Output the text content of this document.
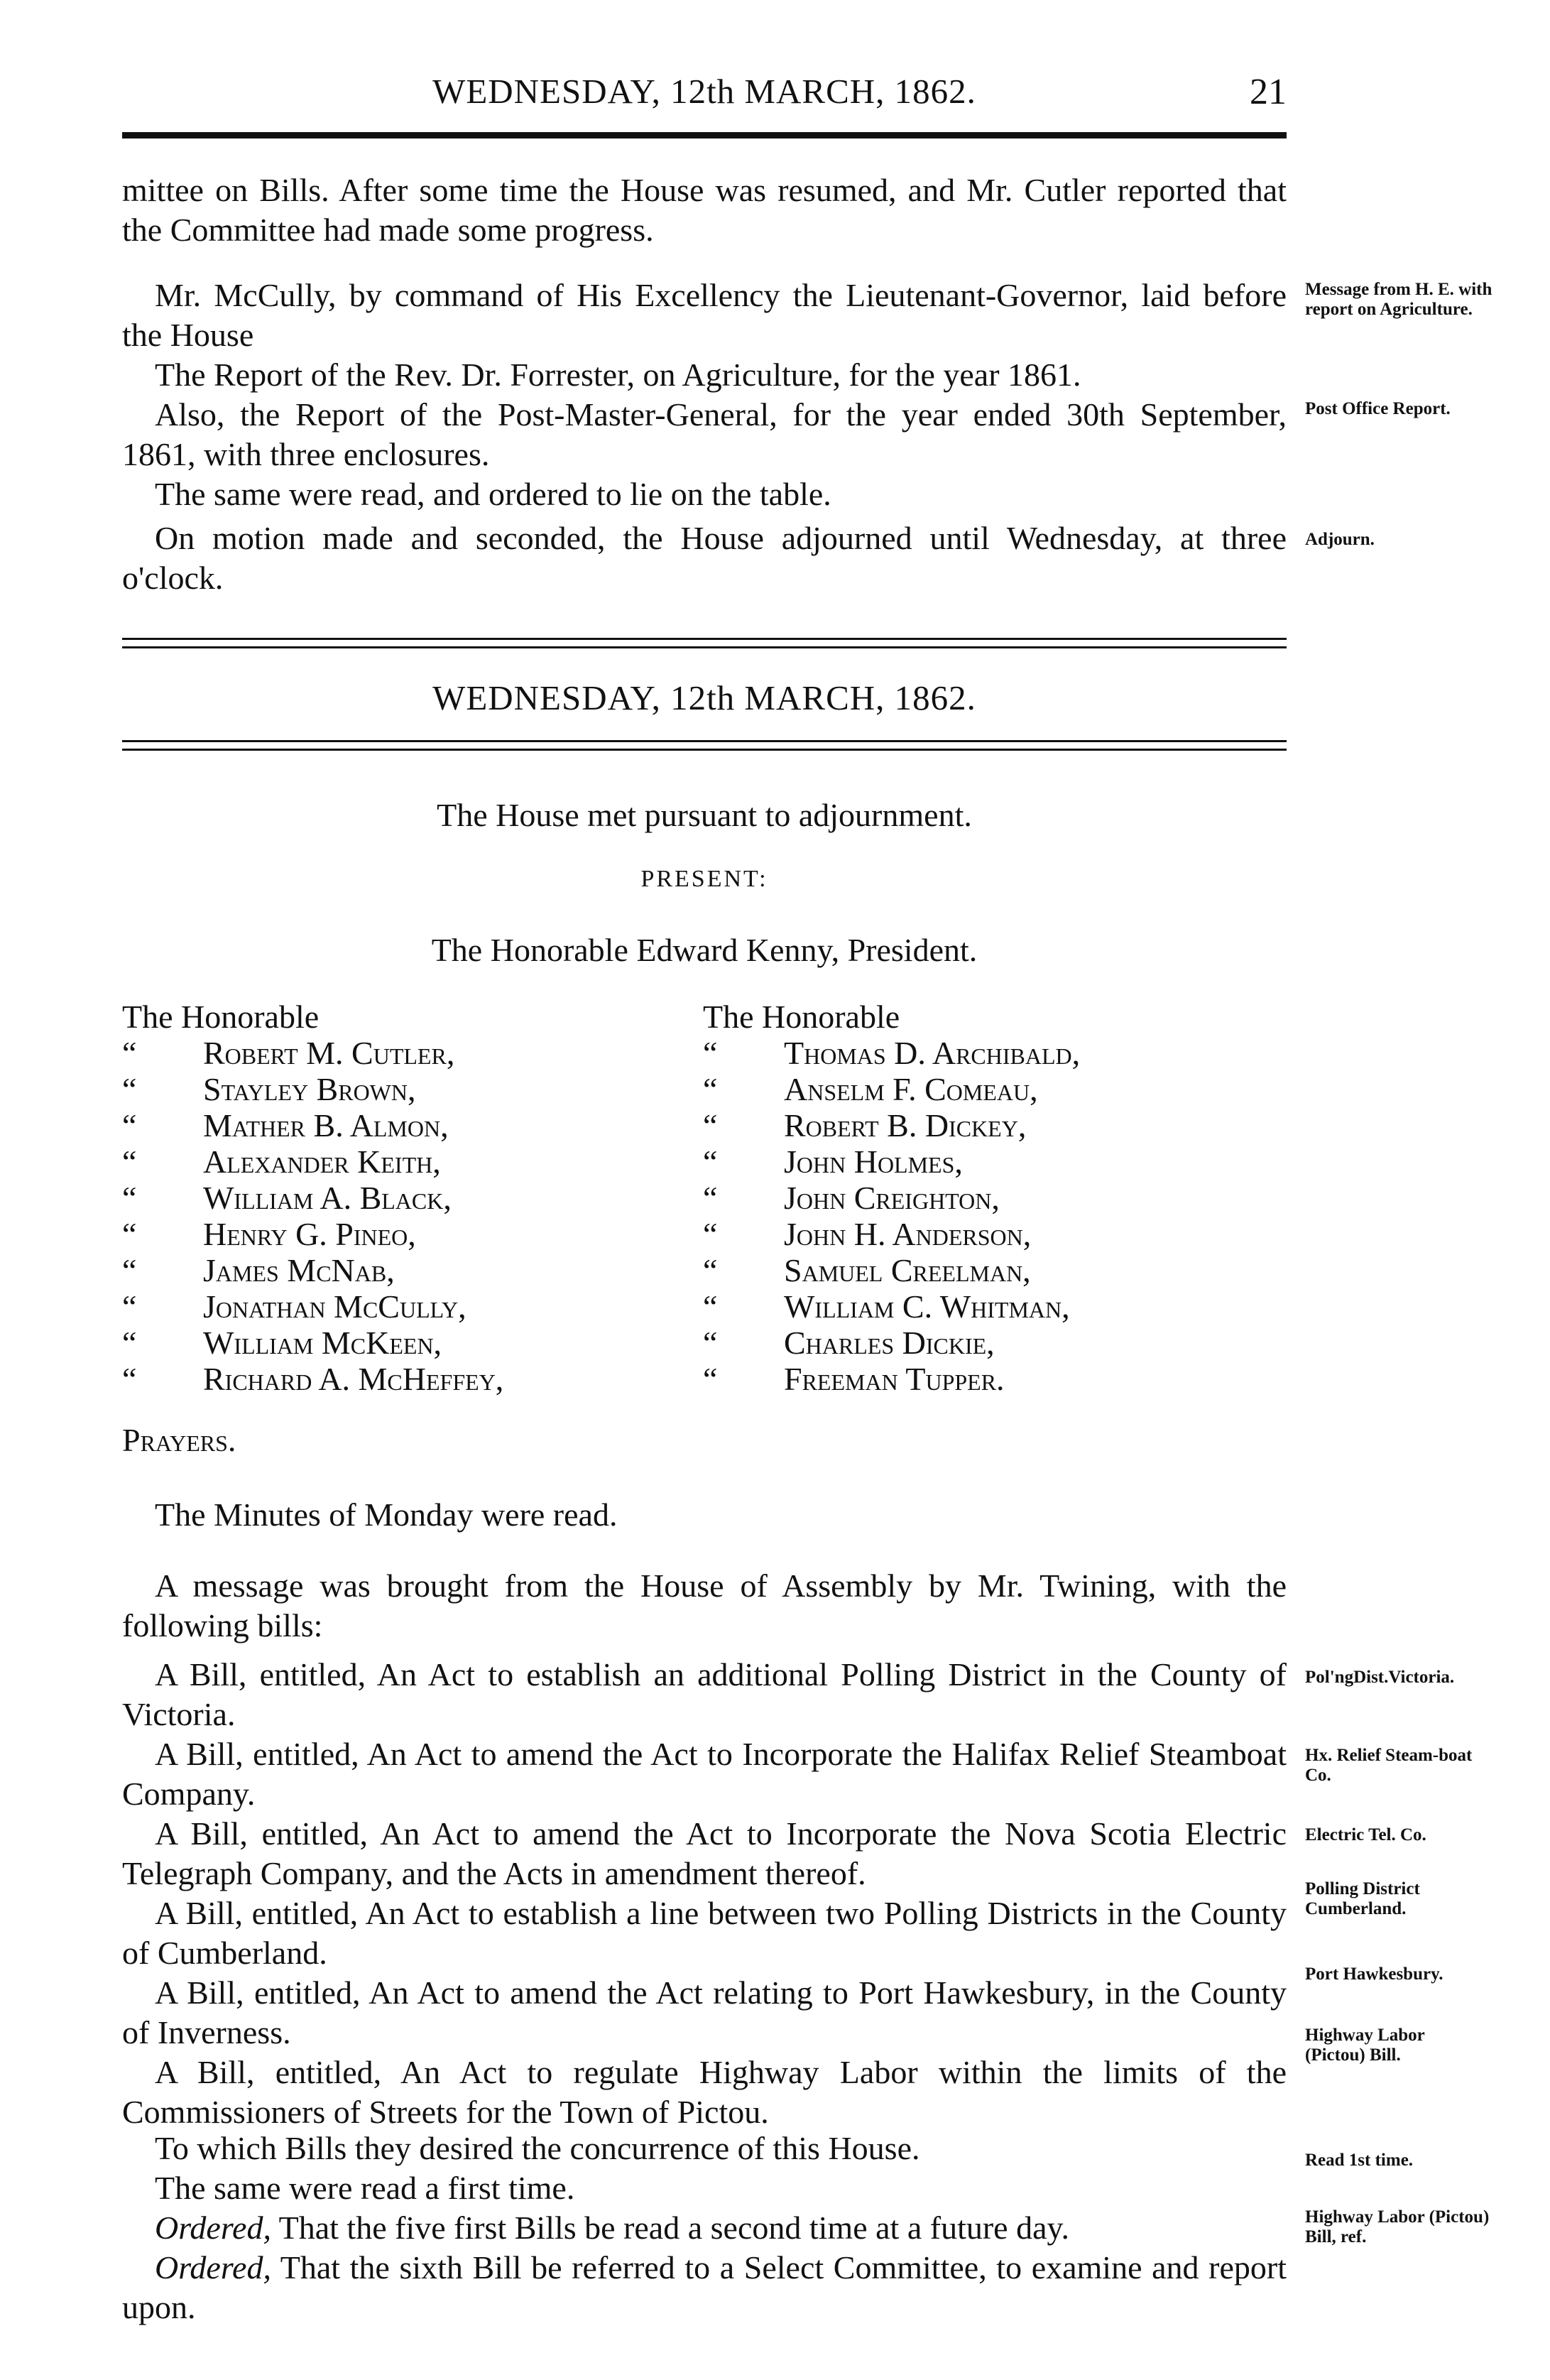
WEDNESDAY, 12th MARCH, 1862.	21
mittee on Bills. After some time the House was resumed, and Mr. Cutler reported that the Committee had made some progress.
Mr. McCully, by command of His Excellency the Lieutenant-Governor, laid before the House
The Report of the Rev. Dr. Forrester, on Agriculture, for the year 1861.
Also, the Report of the Post-Master-General, for the year ended 30th September, 1861, with three enclosures.
The same were read, and ordered to lie on the table.
On motion made and seconded, the House adjourned until Wednesday, at three o'clock.
WEDNESDAY, 12th MARCH, 1862.
The House met pursuant to adjournment.
PRESENT:
The Honorable Edward Kenny, President.
The Honorable
“	Robert M. Cutler,
“	Stayley Brown,
“	Mather B. Almon,
“	Alexander Keith,
“	William A. Black,
“	Henry G. Pineo,
“	James McNab,
“	Jonathan McCully,
“	William McKeen,
“	Richard A. McHeffey,
The Honorable
“	Thomas D. Archibald,
“	Anselm F. Comeau,
“	Robert B. Dickey,
“	John Holmes,
“	John Creighton,
“	John H. Anderson,
“	Samuel Creelman,
“	William C. Whitman,
“	Charles Dickie,
“	Freeman Tupper.
Prayers.
The Minutes of Monday were read.
A message was brought from the House of Assembly by Mr. Twining, with the following bills:
A Bill, entitled, An Act to establish an additional Polling District in the County of Victoria.
A Bill, entitled, An Act to amend the Act to Incorporate the Halifax Relief Steamboat Company.
A Bill, entitled, An Act to amend the Act to Incorporate the Nova Scotia Electric Telegraph Company, and the Acts in amendment thereof.
A Bill, entitled, An Act to establish a line between two Polling Districts in the County of Cumberland.
A Bill, entitled, An Act to amend the Act relating to Port Hawkesbury, in the County of Inverness.
A Bill, entitled, An Act to regulate Highway Labor within the limits of the Commissioners of Streets for the Town of Pictou.
To which Bills they desired the concurrence of this House.
The same were read a first time.
Ordered, That the five first Bills be read a second time at a future day.
Ordered, That the sixth Bill be referred to a Select Committee, to examine and report upon.
Message from H. E. with report on Agriculture.
Post Office Report.
Adjourn.
Pol'ngDist.Victoria.
Hx. Relief Steam-boat Co.
Electric Tel. Co.
Polling District Cumberland.
Port Hawkesbury.
Highway Labor (Pictou) Bill.
Read 1st time.
Highway Labor (Pictou) Bill, ref.
